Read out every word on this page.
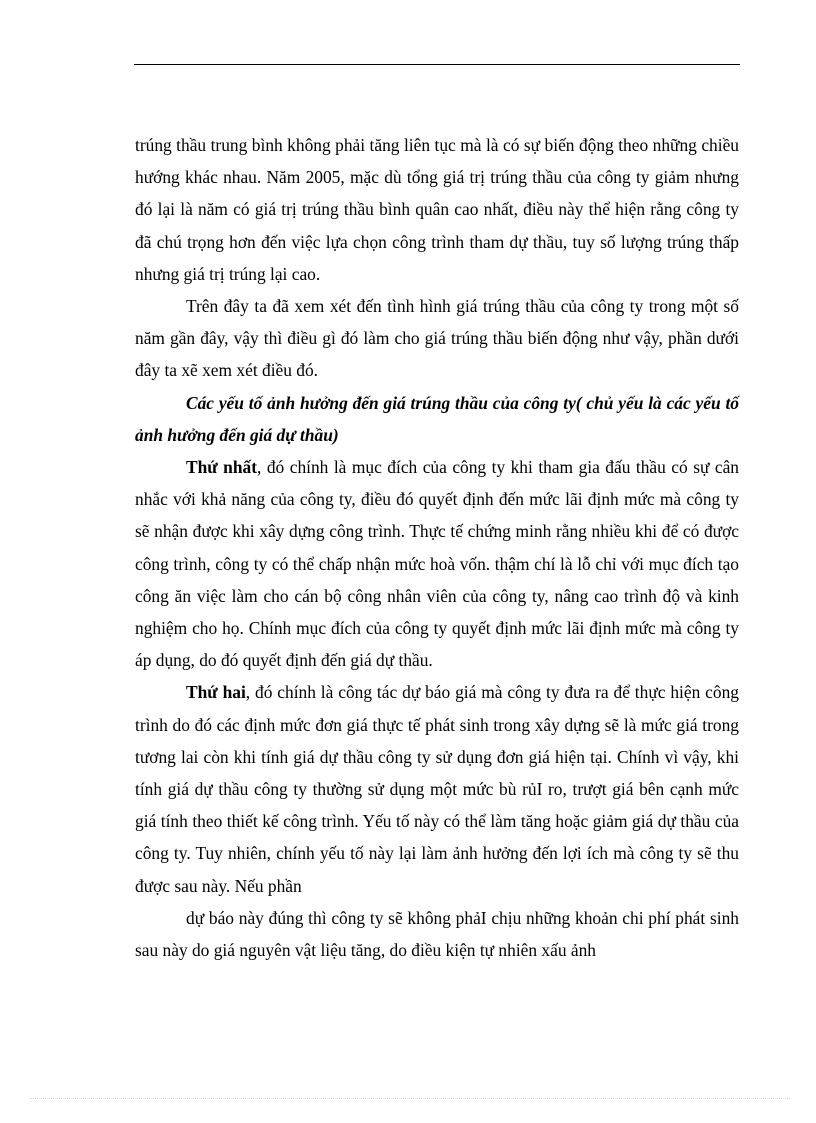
trúng thầu trung bình không phải tăng liên tục mà là có sự biến động theo những chiều hướng khác nhau. Năm 2005, mặc dù tổng giá trị trúng thầu của công ty giảm nhưng đó lại là năm có giá trị trúng thầu bình quân cao nhất, điều này thể hiện rằng công ty đã chú trọng hơn đến việc lựa chọn công trình tham dự thầu, tuy số lượng trúng thấp nhưng giá trị trúng lại cao.

Trên đây ta đã xem xét đến tình hình giá trúng thầu của công ty trong một số năm gần đây, vậy thì điều gì đó làm cho giá trúng thầu biến động như vậy, phần dưới đây ta xẽ xem xét điều đó.

Các yếu tố ảnh hưởng đến giá trúng thầu của công ty( chủ yếu là các yếu tố ảnh hưởng đến giá dự thầu)

Thứ nhất, đó chính là mục đích của công ty khi tham gia đấu thầu có sự cân nhắc với khả năng của công ty, điều đó quyết định đến mức lãi định mức mà công ty sẽ nhận được khi xây dựng công trình. Thực tế chứng minh rằng nhiều khi để có được công trình, công ty có thể chấp nhận mức hoà vốn. thậm chí là lỗ chỉ với mục đích tạo công ăn việc làm cho cán bộ công nhân viên của công ty, nâng cao trình độ và kinh nghiệm cho họ. Chính mục đích của công ty quyết định mức lãi định mức mà công ty áp dụng, do đó quyết định đến giá dự thầu.

Thứ hai, đó chính là công tác dự báo giá mà công ty đưa ra để thực hiện công trình do đó các định mức đơn giá thực tế phát sinh trong xây dựng sẽ là mức giá trong tương lai còn khi tính giá dự thầu công ty sử dụng đơn giá hiện tại. Chính vì vậy, khi tính giá dự thầu công ty thường sử dụng một mức bù rủI ro, trượt giá bên cạnh mức giá tính theo thiết kế công trình. Yếu tố này có thể làm tăng hoặc giảm giá dự thầu của công ty. Tuy nhiên, chính yếu tố này lại làm ảnh hưởng đến lợi ích mà công ty sẽ thu được sau này. Nếu phần

dự báo này đúng thì công ty sẽ không phảI chịu những khoản chi phí phát sinh sau này do giá nguyên vật liệu tăng, do điều kiện tự nhiên xấu ảnh
